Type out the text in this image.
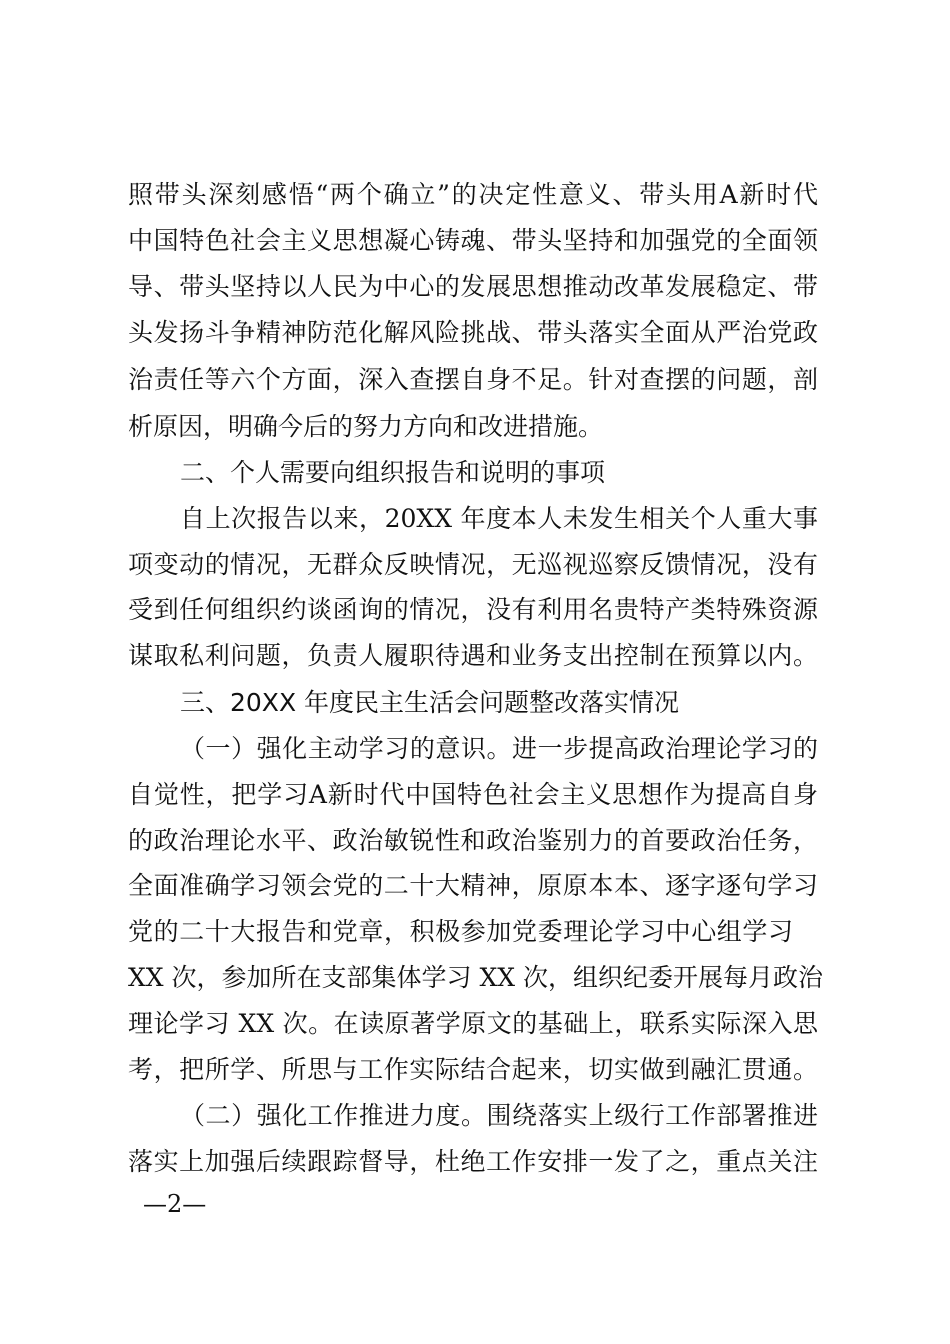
照带头深刻感悟“两个确立”的决定性意义、带头用A新时代
中国特色社会主义思想凝心铸魂、带头坚持和加强党的全面领
导、带头坚持以人民为中心的发展思想推动改革发展稳定、带
头发扬斗争精神防范化解风险挑战、带头落实全面从严治党政
治责任等六个方面，深入查摆自身不足。针对查摆的问题，剖
析原因，明确今后的努力方向和改进措施。
二、个人需要向组织报告和说明的事项
自上次报告以来，20XX 年度本人未发生相关个人重大事
项变动的情况，无群众反映情况，无巡视巡察反馈情况，没有
受到任何组织约谈函询的情况，没有利用名贵特产类特殊资源
谋取私利问题，负责人履职待遇和业务支出控制在预算以内。
三、20XX 年度民主生活会问题整改落实情况
（一）强化主动学习的意识。进一步提高政治理论学习的
自觉性，把学习A新时代中国特色社会主义思想作为提高自身
的政治理论水平、政治敏锐性和政治鉴别力的首要政治任务，
全面准确学习领会党的二十大精神，原原本本、逐字逐句学习
党的二十大报告和党章，积极参加党委理论学习中心组学习
XX 次，参加所在支部集体学习 XX 次，组织纪委开展每月政治
理论学习 XX 次。在读原著学原文的基础上，联系实际深入思
考，把所学、所思与工作实际结合起来，切实做到融汇贯通。
（二）强化工作推进力度。围绕落实上级行工作部署推进
落实上加强后续跟踪督导，杜绝工作安排一发了之，重点关注
—2—
